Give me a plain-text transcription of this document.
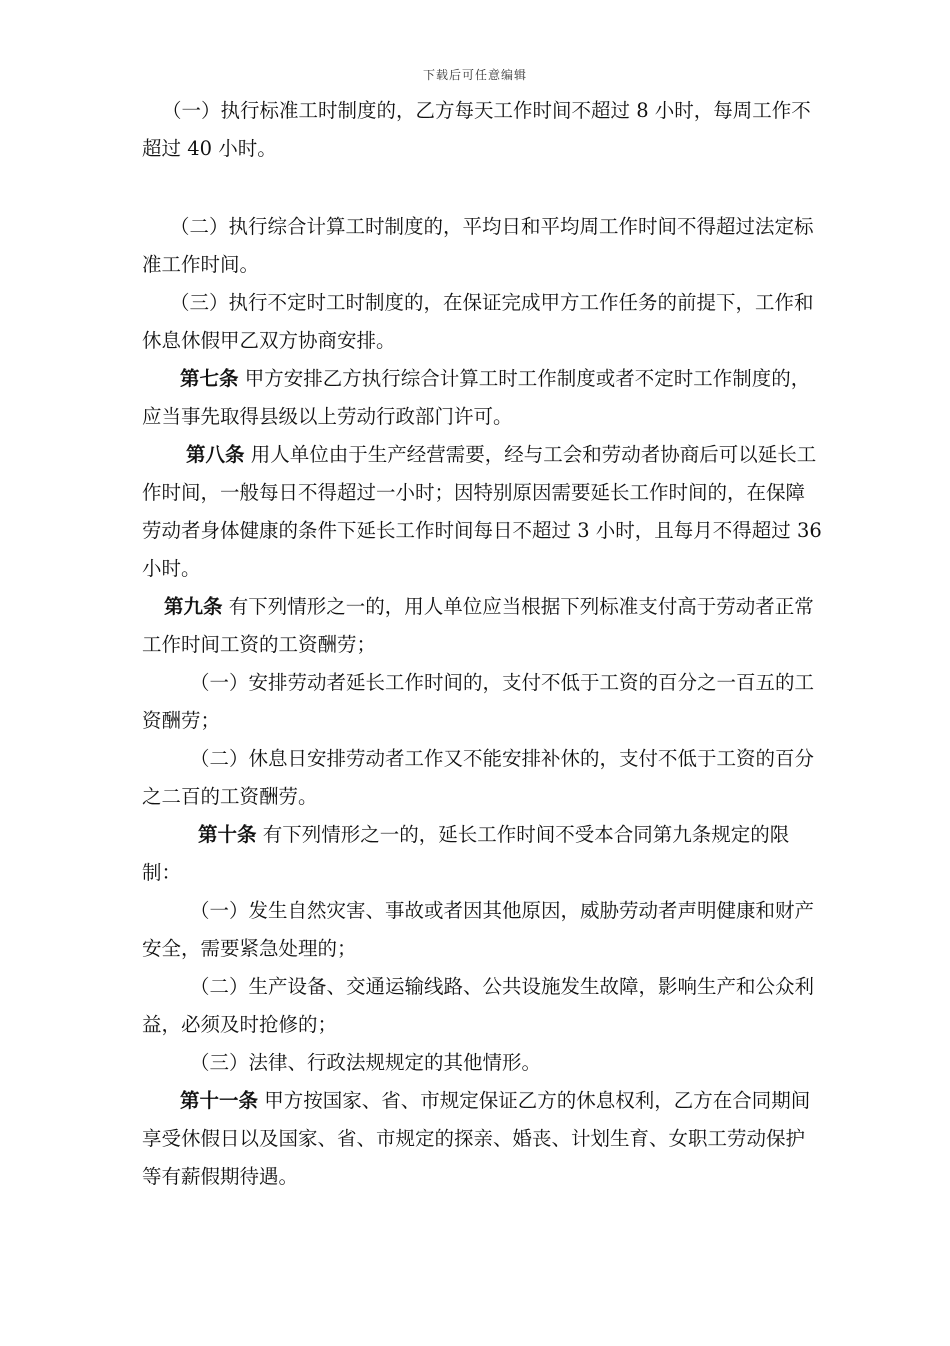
下载后可任意编辑

（一）执行标准工时制度的，乙方每天工作时间不超过 8 小时，每周工作不超过 40 小时。

（二）执行综合计算工时制度的，平均日和平均周工作时间不得超过法定标准工作时间。

（三）执行不定时工时制度的，在保证完成甲方工作任务的前提下，工作和休息休假甲乙双方协商安排。

第七条 甲方安排乙方执行综合计算工时工作制度或者不定时工作制度的，应当事先取得县级以上劳动行政部门许可。

第八条 用人单位由于生产经营需要，经与工会和劳动者协商后可以延长工作时间，一般每日不得超过一小时；因特别原因需要延长工作时间的，在保障劳动者身体健康的条件下延长工作时间每日不超过 3 小时，且每月不得超过 36 小时。

第九条 有下列情形之一的，用人单位应当根据下列标准支付高于劳动者正常工作时间工资的工资酬劳；

（一）安排劳动者延长工作时间的，支付不低于工资的百分之一百五的工资酬劳；

（二）休息日安排劳动者工作又不能安排补休的，支付不低于工资的百分之二百的工资酬劳。

第十条 有下列情形之一的，延长工作时间不受本合同第九条规定的限制：

（一）发生自然灾害、事故或者因其他原因，威胁劳动者声明健康和财产安全，需要紧急处理的；

（二）生产设备、交通运输线路、公共设施发生故障，影响生产和公众利益，必须及时抢修的；

（三）法律、行政法规规定的其他情形。

第十一条 甲方按国家、省、市规定保证乙方的休息权利，乙方在合同期间享受休假日以及国家、省、市规定的探亲、婚丧、计划生育、女职工劳动保护等有薪假期待遇。
